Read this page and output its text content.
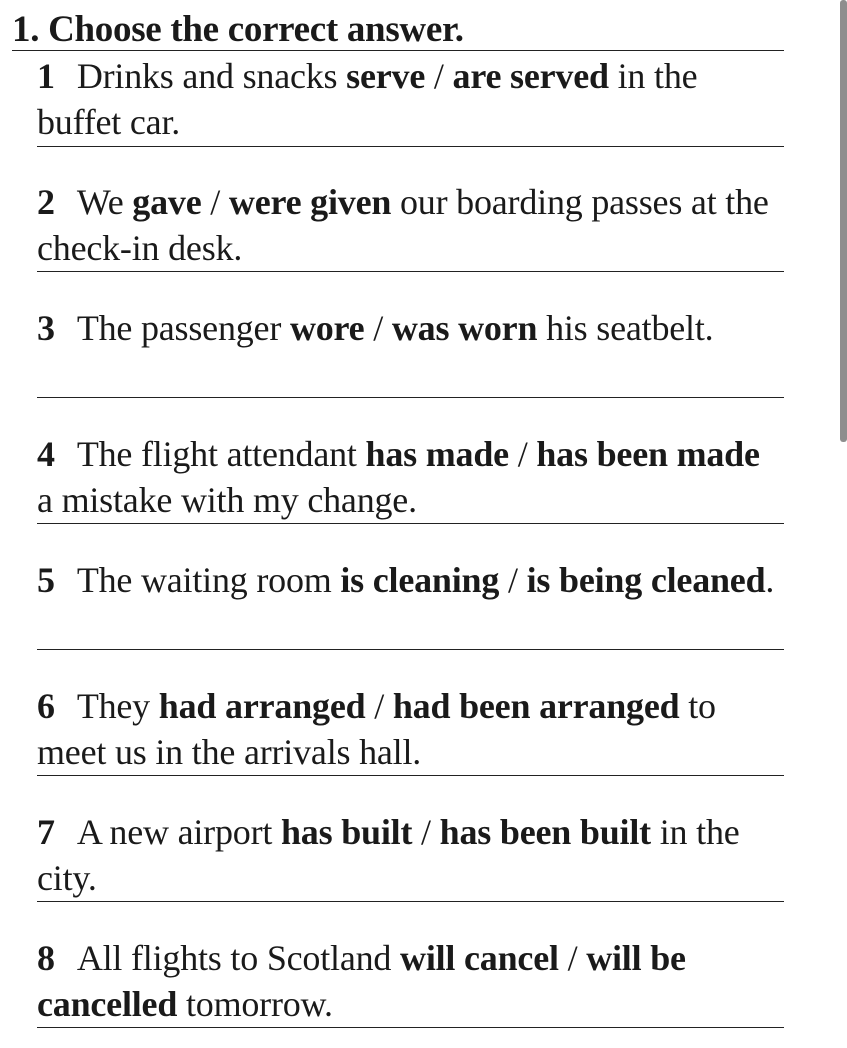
1. Choose the correct answer.
1 Drinks and snacks serve / are served in the buffet car.
2 We gave / were given our boarding passes at the check-in desk.
3 The passenger wore / was worn his seatbelt.
4 The flight attendant has made / has been made a mistake with my change.
5 The waiting room is cleaning / is being cleaned.
6 They had arranged / had been arranged to meet us in the arrivals hall.
7 A new airport has built / has been built in the city.
8 All flights to Scotland will cancel / will be cancelled tomorrow.
